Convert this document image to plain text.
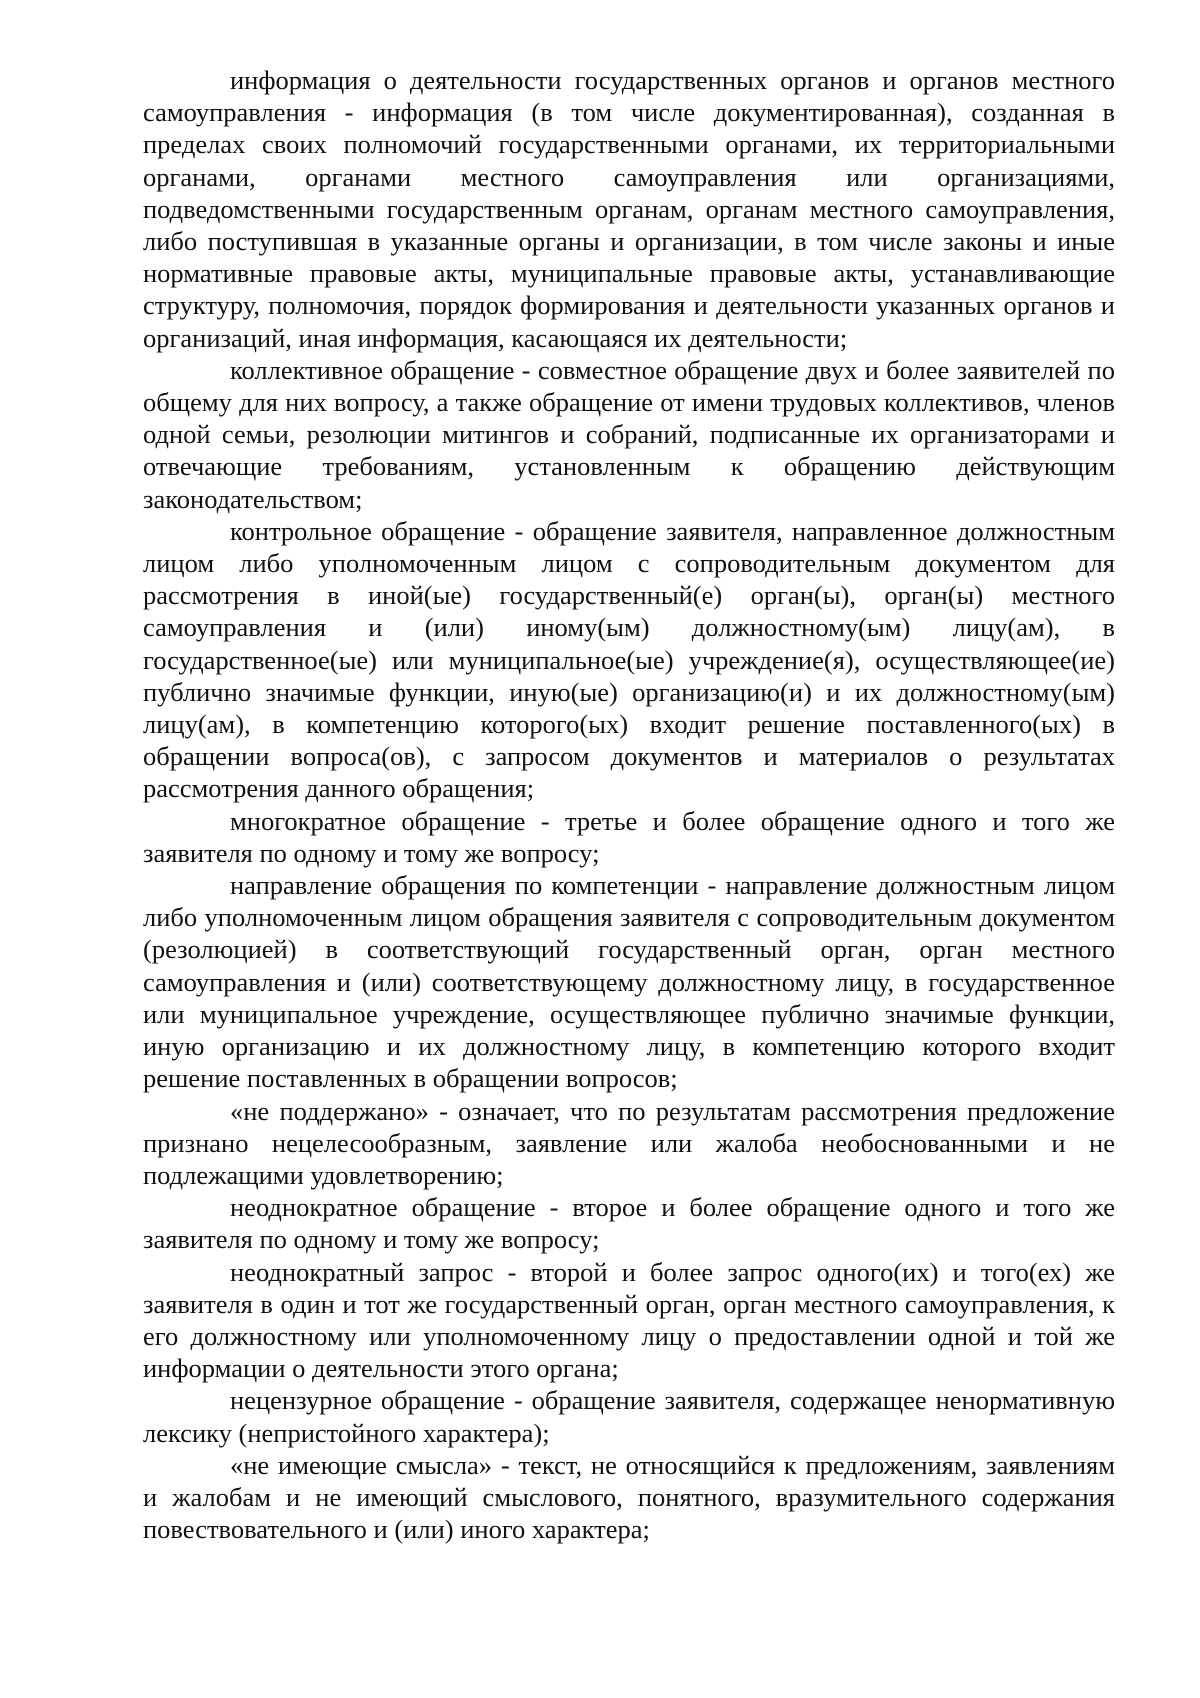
информация о деятельности государственных органов и органов местного самоуправления - информация (в том числе документированная), созданная в пределах своих полномочий государственными органами, их территориальными органами, органами местного самоуправления или организациями, подведомственными государственным органам, органам местного самоуправления, либо поступившая в указанные органы и организации, в том числе законы и иные нормативные правовые акты, муниципальные правовые акты, устанавливающие структуру, полномочия, порядок формирования и деятельности указанных органов и организаций, иная информация, касающаяся их деятельности;

коллективное обращение - совместное обращение двух и более заявителей по общему для них вопросу, а также обращение от имени трудовых коллективов, членов одной семьи, резолюции митингов и собраний, подписанные их организаторами и отвечающие требованиям, установленным к обращению действующим законодательством;

контрольное обращение - обращение заявителя, направленное должностным лицом либо уполномоченным лицом с сопроводительным документом для рассмотрения в иной(ые) государственный(е) орган(ы), орган(ы) местного самоуправления и (или) иному(ым) должностному(ым) лицу(ам), в государственное(ые) или муниципальное(ые) учреждение(я), осуществляющее(ие) публично значимые функции, иную(ые) организацию(и) и их должностному(ым) лицу(ам), в компетенцию которого(ых) входит решение поставленного(ых) в обращении вопроса(ов), с запросом документов и материалов о результатах рассмотрения данного обращения;

многократное обращение - третье и более обращение одного и того же заявителя по одному и тому же вопросу;

направление обращения по компетенции - направление должностным лицом либо уполномоченным лицом обращения заявителя с сопроводительным документом (резолюцией) в соответствующий государственный орган, орган местного самоуправления и (или) соответствующему должностному лицу, в государственное или муниципальное учреждение, осуществляющее публично значимые функции, иную организацию и их должностному лицу, в компетенцию которого входит решение поставленных в обращении вопросов;

«не поддержано» - означает, что по результатам рассмотрения предложение признано нецелесообразным, заявление или жалоба необоснованными и не подлежащими удовлетворению;

неоднократное обращение - второе и более обращение одного и того же заявителя по одному и тому же вопросу;

неоднократный запрос - второй и более запрос одного(их) и того(ех) же заявителя в один и тот же государственный орган, орган местного самоуправления, к его должностному или уполномоченному лицу о предоставлении одной и той же информации о деятельности этого органа;

нецензурное обращение - обращение заявителя, содержащее ненормативную лексику (непристойного характера);

«не имеющие смысла» - текст, не относящийся к предложениям, заявлениям и жалобам и не имеющий смыслового, понятного, вразумительного содержания повествовательного и (или) иного характера;
